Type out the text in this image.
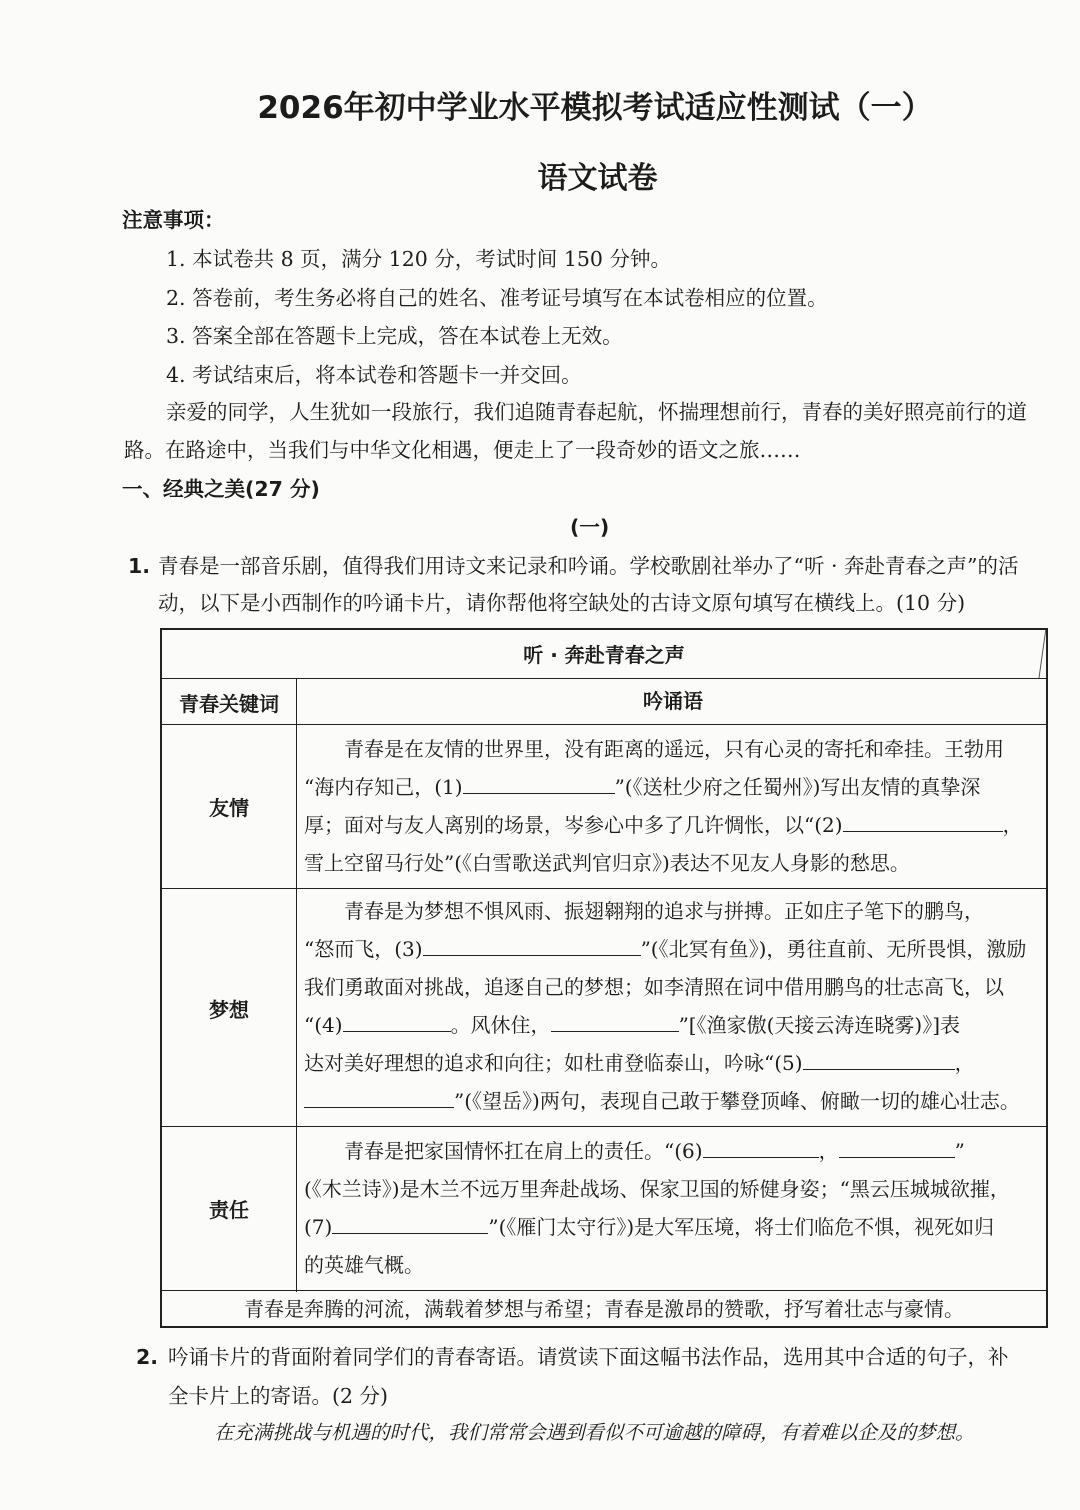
2026年初中学业水平模拟考试适应性测试（一）
语文试卷
注意事项：
1. 本试卷共 8 页，满分 120 分，考试时间 150 分钟。
2. 答卷前，考生务必将自己的姓名、准考证号填写在本试卷相应的位置。
3. 答案全部在答题卡上完成，答在本试卷上无效。
4. 考试结束后，将本试卷和答题卡一并交回。
亲爱的同学，人生犹如一段旅行，我们追随青春起航，怀揣理想前行，青春的美好照亮前行的道
路。在路途中，当我们与中华文化相遇，便走上了一段奇妙的语文之旅……
一、经典之美(27 分)
(一)
1. 青春是一部音乐剧，值得我们用诗文来记录和吟诵。学校歌剧社举办了“听 · 奔赴青春之声”的活
动，以下是小西制作的吟诵卡片，请你帮他将空缺处的古诗文原句填写在横线上。(10 分)
听 · 奔赴青春之声
青春关键词	吟诵语
友情
　　青春是在友情的世界里，没有距离的遥远，只有心灵的寄托和牵挂。王勃用
“海内存知己，(1)	”(《送杜少府之任蜀州》)写出友情的真挚深
厚；面对与友人离别的场景，岑参心中多了几许惆怅，以“(2)	，
雪上空留马行处”(《白雪歌送武判官归京》)表达不见友人身影的愁思。
梦想
　　青春是为梦想不惧风雨、振翅翱翔的追求与拼搏。正如庄子笔下的鹏鸟，
“怒而飞，(3)	”(《北冥有鱼》)，勇往直前、无所畏惧，激励
我们勇敢面对挑战，追逐自己的梦想；如李清照在词中借用鹏鸟的壮志高飞，以
“(4)	。风休住，	”[《渔家傲(天接云涛连晓雾)》]表
达对美好理想的追求和向往；如杜甫登临泰山，吟咏“(5)	，
”(《望岳》)两句，表现自己敢于攀登顶峰、俯瞰一切的雄心壮志。
责任
　　青春是把家国情怀扛在肩上的责任。“(6)	，	”
(《木兰诗》)是木兰不远万里奔赴战场、保家卫国的矫健身姿；“黑云压城城欲摧，
(7)	”(《雁门太守行》)是大军压境，将士们临危不惧，视死如归
的英雄气概。
青春是奔腾的河流，满载着梦想与希望；青春是激昂的赞歌，抒写着壮志与豪情。
2. 吟诵卡片的背面附着同学们的青春寄语。请赏读下面这幅书法作品，选用其中合适的句子，补
全卡片上的寄语。(2 分)
在充满挑战与机遇的时代，我们常常会遇到看似不可逾越的障碍，有着难以企及的梦想。
